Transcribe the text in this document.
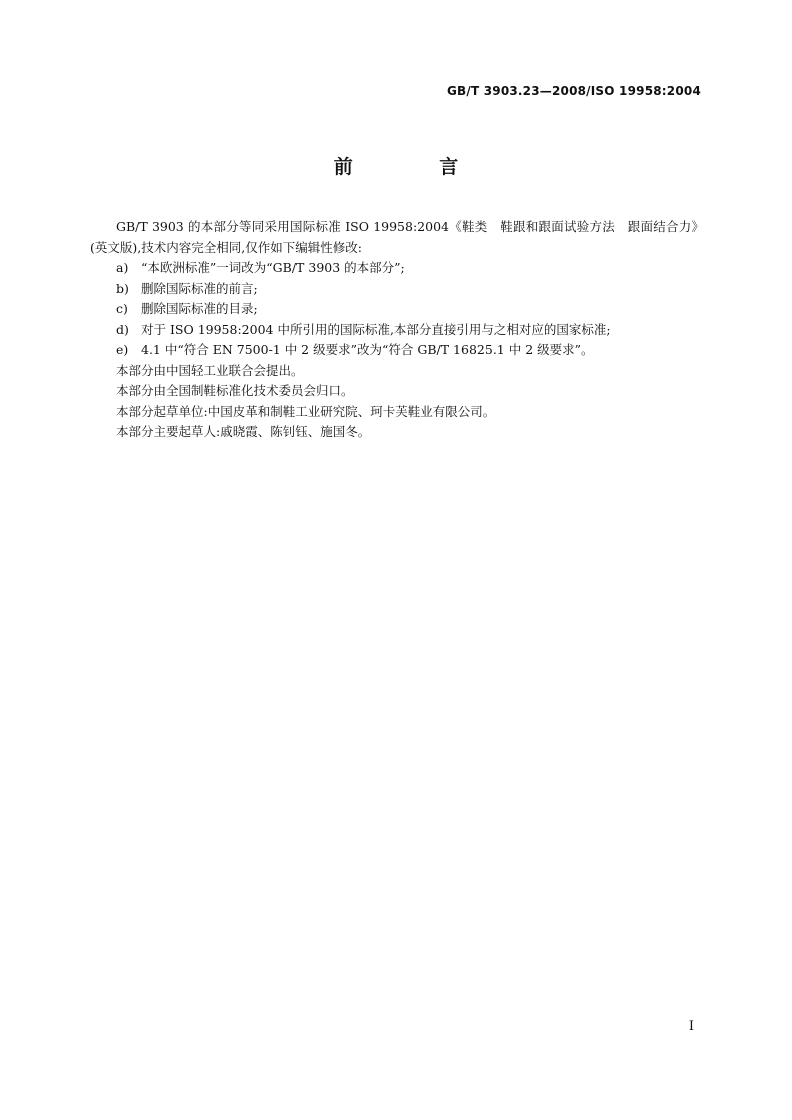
GB/T 3903.23—2008/ISO 19958:2004
前 言

GB/T 3903 的本部分等同采用国际标准 ISO 19958:2004《鞋类　鞋跟和跟面试验方法　跟面结合力》(英文版),技术内容完全相同,仅作如下编辑性修改:

a) “本欧洲标准”一词改为“GB/T 3903 的本部分”;

b) 删除国际标准的前言;

c) 删除国际标准的目录;

d) 对于 ISO 19958:2004 中所引用的国际标准,本部分直接引用与之相对应的国家标准;

e) 4.1 中“符合 EN 7500-1 中 2 级要求”改为“符合 GB/T 16825.1 中 2 级要求”。

本部分由中国轻工业联合会提出。

本部分由全国制鞋标准化技术委员会归口。

本部分起草单位:中国皮革和制鞋工业研究院、珂卡芙鞋业有限公司。

本部分主要起草人:戚晓霞、陈钊钰、施国冬。

I
